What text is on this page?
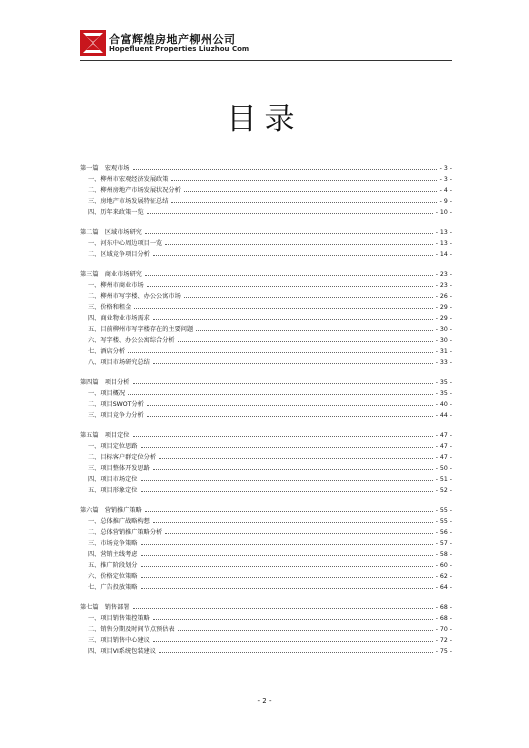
合富辉煌房地产柳州公司
Hopefluent Properties Liuzhou Com
目录
第一篇　宏观市场	- 3 -
一、柳州市宏观经济发展政策	- 3 -
二、柳州房地产市场发展状况分析	- 4 -
三、房地产市场发展特征总结	- 9 -
四、历年来政策一览	- 10 -
第二篇　区域市场研究	- 13 -
一、河东中心周边项目一览	- 13 -
二、区域竞争项目分析	- 14 -
第三篇　商业市场研究	- 23 -
一、柳州市商业市场	- 23 -
二、柳州市写字楼、办公公寓市场	- 26 -
三、价格和租金	- 29 -
四、商业物业市场需求	- 29 -
五、目前柳州市写字楼存在的主要问题	- 30 -
六、写字楼、办公公寓综合分析	- 30 -
七、酒店分析	- 31 -
八、项目市场研究总结	- 33 -
第四篇　项目分析	- 35 -
一、项目概况	- 35 -
二、项目SWOT分析	- 40 -
三、项目竞争力分析	- 44 -
第五篇　项目定位	- 47 -
一、项目定位思路	- 47 -
二、目标客户群定位分析	- 47 -
三、项目整体开发思路	- 50 -
四、项目市场定位	- 51 -
五、项目形象定位	- 52 -
第六篇　营销推广策略	- 55 -
一、总体推广战略构想	- 55 -
二、总体营销推广策略分析	- 56 -
三、市场竞争策略	- 57 -
四、营销主线考虑	- 58 -
五、推广阶段划分	- 60 -
六、价格定位策略	- 62 -
七、广告投放策略	- 64 -
第七篇　销售部署	- 68 -
一、项目销售策控策略	- 68 -
二、销售分期及时间节点预估表	- 70 -
三、项目销售中心建议	- 72 -
四、项目VI系统包装建议	- 75 -
- 2 -
